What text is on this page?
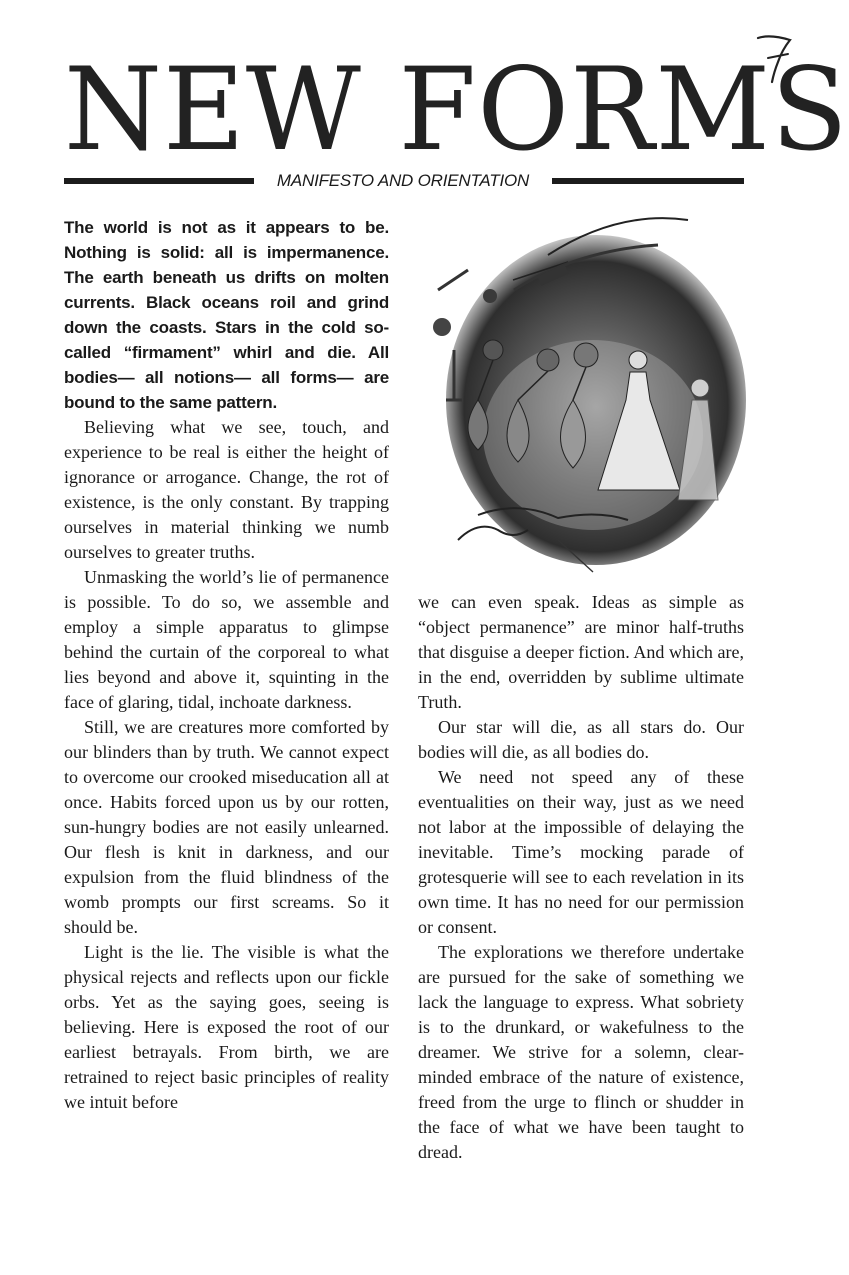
NEW FORMS
MANIFESTO AND ORIENTATION

The world is not as it appears to be. Nothing is solid: all is impermanence. The earth beneath us drifts on molten currents. Black oceans roil and grind down the coasts. Stars in the cold so-called “firmament” whirl and die. All bodies— all notions— all forms— are bound to the same pattern.

Believing what we see, touch, and experience to be real is either the height of ignorance or arrogance. Change, the rot of existence, is the only constant. By trapping ourselves in material thinking we numb ourselves to greater truths.

Unmasking the world’s lie of permanence is possible. To do so, we assemble and employ a simple apparatus to glimpse behind the curtain of the corporeal to what lies beyond and above it, squinting in the face of glaring, tidal, inchoate darkness.

Still, we are creatures more comforted by our blinders than by truth. We cannot expect to overcome our crooked miseducation all at once. Habits forced upon us by our rotten, sun-hungry bodies are not easily unlearned. Our flesh is knit in darkness, and our expulsion from the fluid blindness of the womb prompts our first screams. So it should be.

Light is the lie. The visible is what the physical rejects and reflects upon our fickle orbs. Yet as the saying goes, seeing is believing. Here is exposed the root of our earliest betrayals. From birth, we are retrained to reject basic principles of reality we intuit before

we can even speak. Ideas as simple as “object permanence” are minor half-truths that disguise a deeper fiction. And which are, in the end, overridden by sublime ultimate Truth.

Our star will die, as all stars do. Our bodies will die, as all bodies do.

We need not speed any of these eventualities on their way, just as we need not labor at the impossible of delaying the inevitable. Time’s mocking parade of grotesquerie will see to each revelation in its own time. It has no need for our permission or consent.

The explorations we therefore undertake are pursued for the sake of something we lack the language to express. What sobriety is to the drunkard, or wakefulness to the dreamer. We strive for a solemn, clear-minded embrace of the nature of existence, freed from the urge to flinch or shudder in the face of what we have been taught to dread.
